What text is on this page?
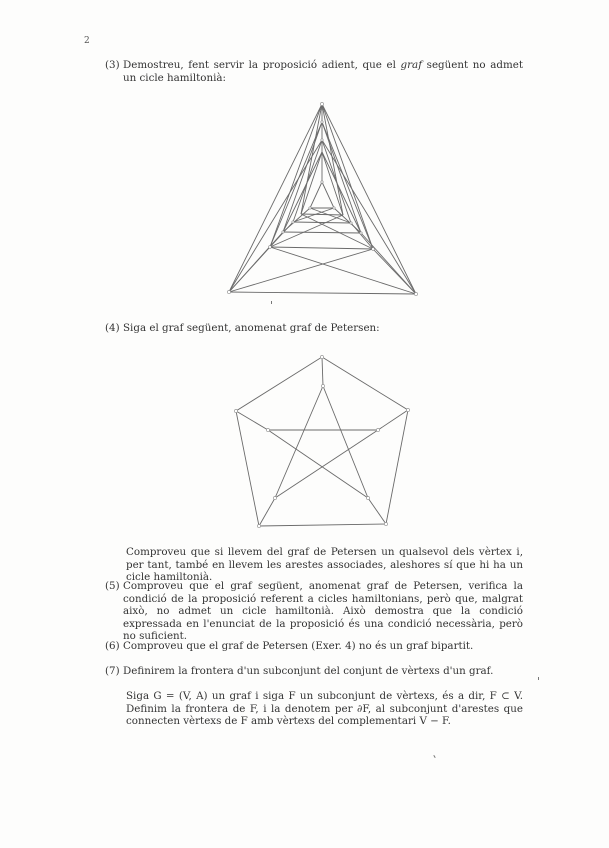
2
(3) Demostreu, fent servir la proposició adient, que el graf següent no admet un cicle hamiltonià:
(4) Siga el graf següent, anomenat graf de Petersen:
Comproveu que si llevem del graf de Petersen un qualsevol dels vèrtex i, per tant, també en llevem les arestes associades, aleshores sí que hi ha un cicle hamiltonià.
(5) Comproveu que el graf següent, anomenat graf de Petersen, verifica la condició de la proposició referent a cicles hamiltonians, però que, malgrat això, no admet un cicle hamiltonià. Això demostra que la condició expressada en l'enunciat de la proposició és una condició necessària, però no suficient.
(6) Comproveu que el graf de Petersen (Exer. 4) no és un graf bipartit.
(7) Definirem la frontera d'un subconjunt del conjunt de vèrtexs d'un graf.
Siga G = (V, A) un graf i siga F un subconjunt de vèrtexs, és a dir, F ⊂ V. Definim la frontera de F, i la denotem per ∂F, al subconjunt d'arestes que connecten vèrtexs de F amb vèrtexs del complementari V − F.
